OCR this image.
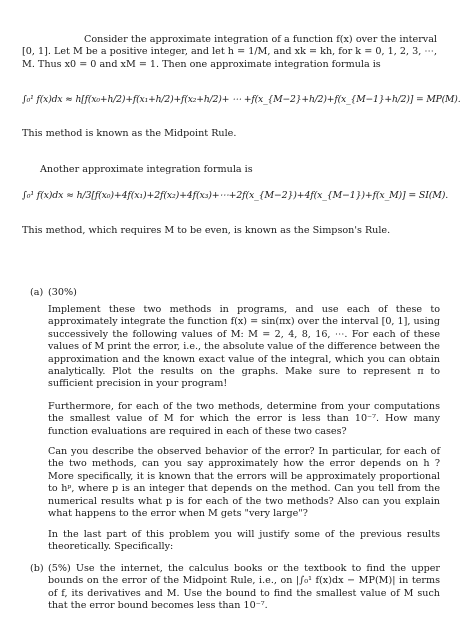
Consider the approximate integration of a function f(x) over the interval [0, 1]. Let M be a positive integer, and let h = 1/M, and xk = kh, for k = 0, 1, 2, 3, ⋯, M. Thus x0 = 0 and xM = 1. Then one approximate integration formula is
∫₀¹ f(x)dx ≈ h[f(x₀+h/2)+f(x₁+h/2)+f(x₂+h/2)+ ⋯ +f(x_{M−2}+h/2)+f(x_{M−1}+h/2)] = MP(M).
This method is known as the Midpoint Rule.
Another approximate integration formula is
∫₀¹ f(x)dx ≈ h/3[f(x₀)+4f(x₁)+2f(x₂)+4f(x₃)+⋯+2f(x_{M−2})+4f(x_{M−1})+f(x_M)] = SI(M).
This method, which requires M to be even, is known as the Simpson's Rule.
(a) (30%)
Implement these two methods in programs, and use each of these to approximately integrate the function f(x) = sin(πx) over the interval [0, 1], using successively the following values of M: M = 2, 4, 8, 16, ⋯. For each of these values of M print the error, i.e., the absolute value of the difference between the approximation and the known exact value of the integral, which you can obtain analytically. Plot the results on the graphs. Make sure to represent π to sufficient precision in your program!
Furthermore, for each of the two methods, determine from your computations the smallest value of M for which the error is less than 10⁻⁷. How many function evaluations are required in each of these two cases?
Can you describe the observed behavior of the error? In particular, for each of the two methods, can you say approximately how the error depends on h ? More specifically, it is known that the errors will be approximately proportional to hᵖ, where p is an integer that depends on the method. Can you tell from the numerical results what p is for each of the two methods? Also can you explain what happens to the error when M gets "very large"?
In the last part of this problem you will justify some of the previous results theoretically. Specifically:
(b) (5%) Use the internet, the calculus books or the textbook to find the upper bounds on the error of the Midpoint Rule, i.e., on |∫₀¹ f(x)dx − MP(M)| in terms of f, its derivatives and M. Use the bound to find the smallest value of M such that the error bound becomes less than 10⁻⁷.
